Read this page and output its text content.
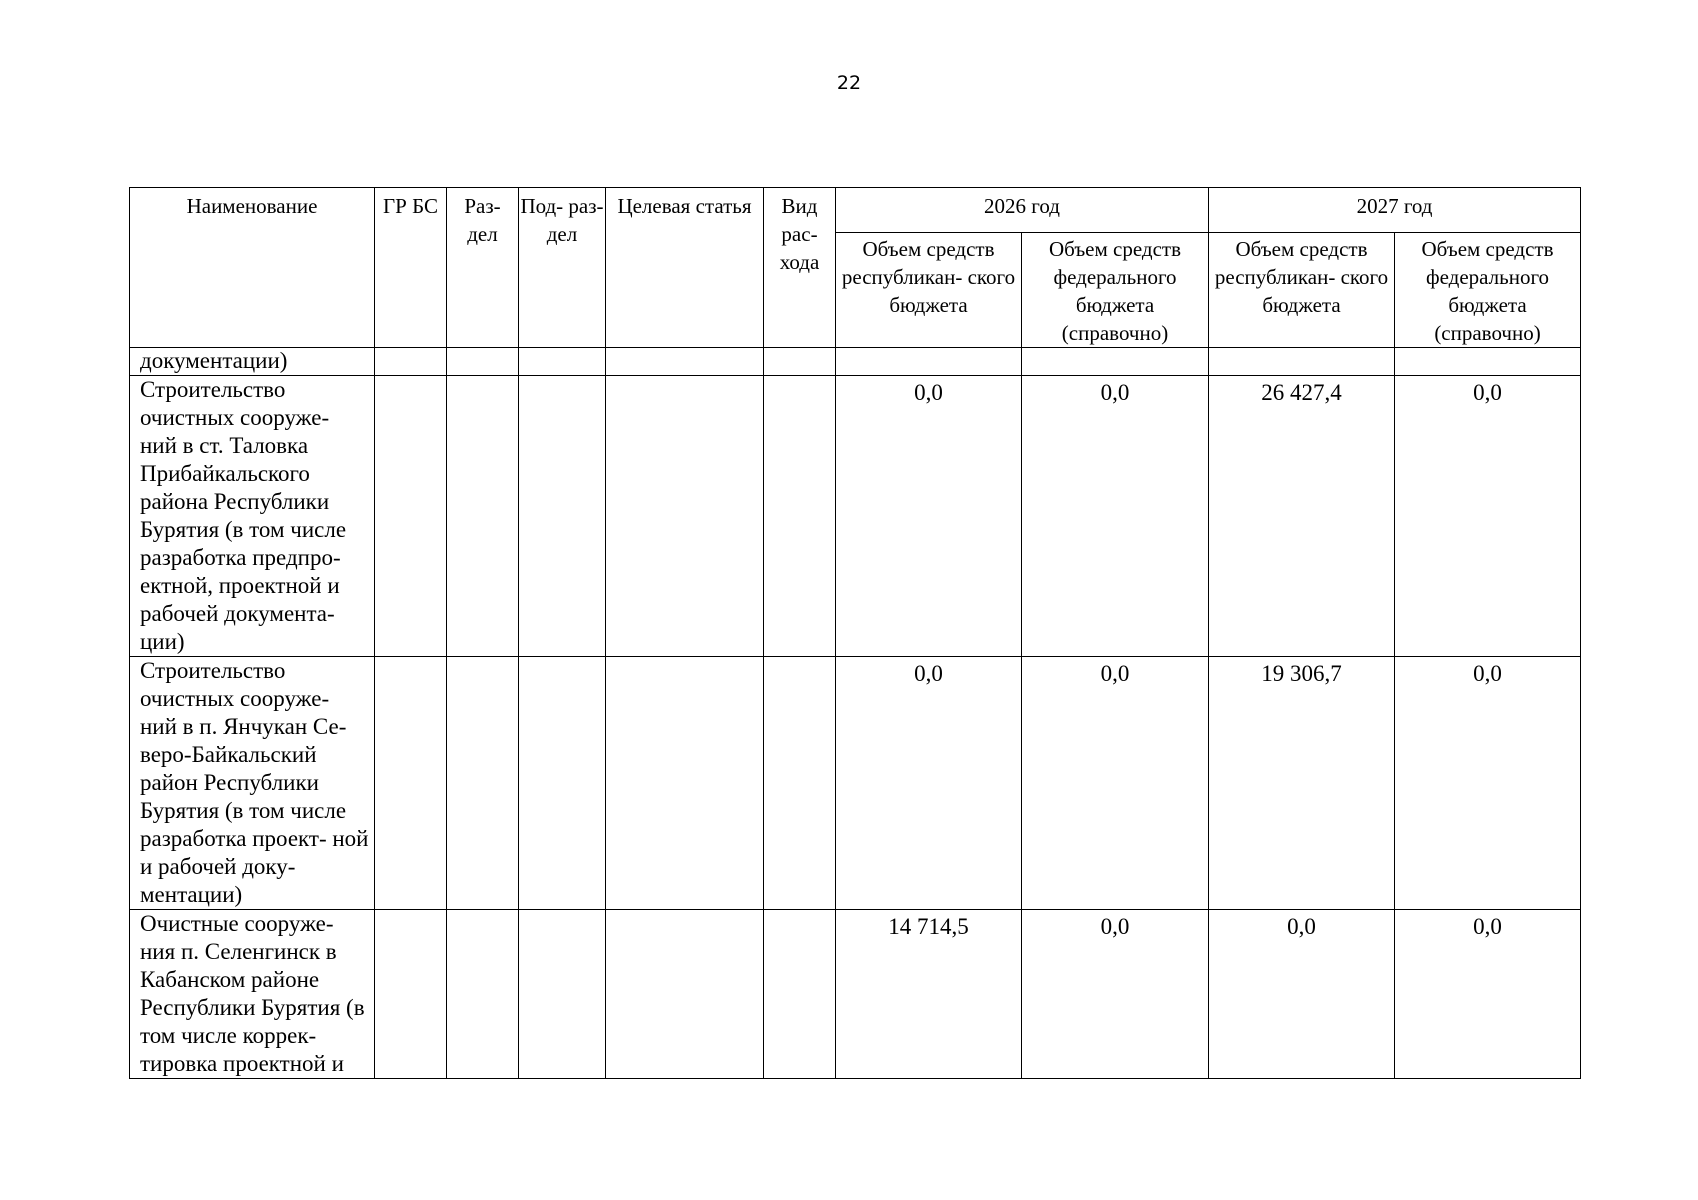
22
Наименование	ГР БС	Раз- дел	Под- раз- дел	Целевая статья	Вид рас- хода	2026 год		2027 год	
						Объем средств республикан- ского бюджета	Объем средств федерального бюджета (справочно)	Объем средств республикан- ского бюджета	Объем средств федерального бюджета (справочно)
документации)									
Строительство очистных сооруже- ний в ст. Таловка Прибайкальского района Республики Бурятия (в том числе разработка предпро- ектной, проектной и рабочей документа- ции)						0,0	0,0	26 427,4	0,0
Строительство очистных сооруже- ний в п. Янчукан Се- веро-Байкальский район Республики Бурятия (в том числе разработка проект- ной и рабочей доку- ментации)						0,0	0,0	19 306,7	0,0
Очистные сооруже- ния п. Селенгинск в Кабанском районе Республики Бурятия (в том числе коррек- тировка проектной и						14 714,5	0,0	0,0	0,0
